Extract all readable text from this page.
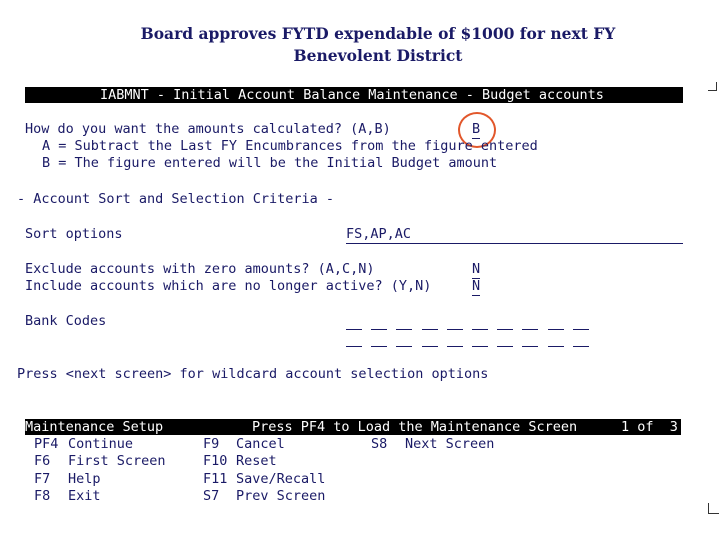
Board approves FYTD expendable of $1000 for next FY
Benevolent District
IABMNT - Initial Account Balance Maintenance - Budget accounts
How do you want the amounts calculated? (A,B)	B
A = Subtract the Last FY Encumbrances from the figure entered
B = The figure entered will be the Initial Budget amount
- Account Sort and Selection Criteria -
Sort options	FS,AP,AC
Exclude accounts with zero amounts? (A,C,N)	N
Include accounts which are no longer active? (Y,N)	N
Bank Codes
Press <next screen> for wildcard account selection options
Maintenance Setup	Press PF4 to Load the Maintenance Screen	1 of  3
PF4 Continue
F6 First Screen
F7 Help
F8 Exit
F9 Cancel
F10 Reset
F11 Save/Recall
S7 Prev Screen
S8 Next Screen
